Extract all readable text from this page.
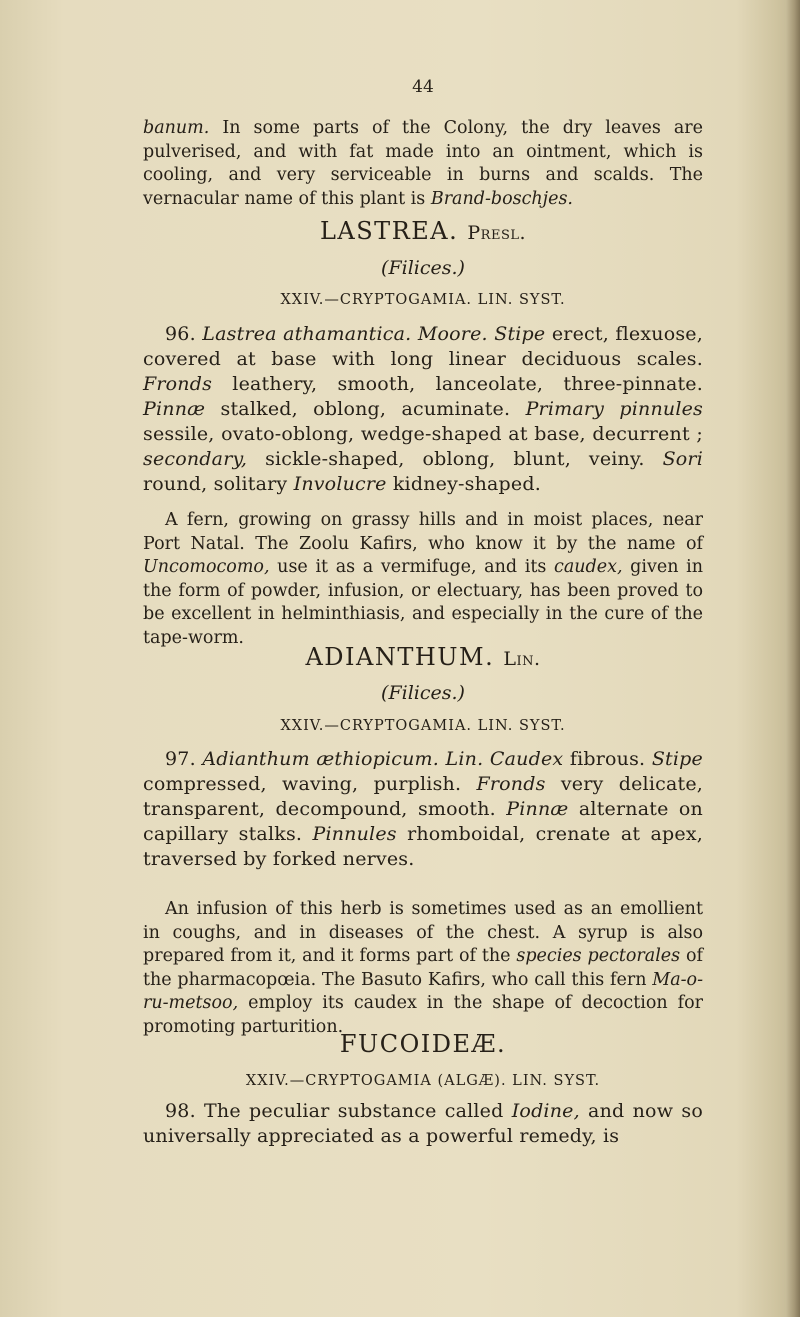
44

banum. In some parts of the Colony, the dry leaves are pulverised, and with fat made into an ointment, which is cooling, and very serviceable in burns and scalds. The vernacular name of this plant is Brand-boschjes.

LASTREA. Presl.
(Filices.)
XXIV.—CRYPTOGAMIA. LIN. SYST.

96. Lastrea athamantica. Moore. Stipe erect, flexuose, covered at base with long linear deciduous scales. Fronds leathery, smooth, lanceolate, three-pinnate. Pinnæ stalked, oblong, acuminate. Primary pinnules sessile, ovato-oblong, wedge-shaped at base, decurrent ; secondary, sickle-shaped, oblong, blunt, veiny. Sori round, solitary Involucre kidney-shaped.

A fern, growing on grassy hills and in moist places, near Port Natal. The Zoolu Kafirs, who know it by the name of Uncomocomo, use it as a vermifuge, and its caudex, given in the form of powder, infusion, or electuary, has been proved to be excellent in helminthiasis, and especially in the cure of the tape-worm.

ADIANTHUM. Lin.
(Filices.)
XXIV.—CRYPTOGAMIA. LIN. SYST.

97. Adianthum æthiopicum. Lin. Caudex fibrous. Stipe compressed, waving, purplish. Fronds very delicate, transparent, decompound, smooth. Pinnæ alternate on capillary stalks. Pinnules rhomboidal, crenate at apex, traversed by forked nerves.

An infusion of this herb is sometimes used as an emollient in coughs, and in diseases of the chest. A syrup is also prepared from it, and it forms part of the species pectorales of the pharmacopœia. The Basuto Kafirs, who call this fern Ma-o-ru-metsoo, employ its caudex in the shape of decoction for promoting parturition.

FUCOIDEÆ.
XXIV.—CRYPTOGAMIA (ALGÆ). LIN. SYST.

98. The peculiar substance called Iodine, and now so universally appreciated as a powerful remedy, is
